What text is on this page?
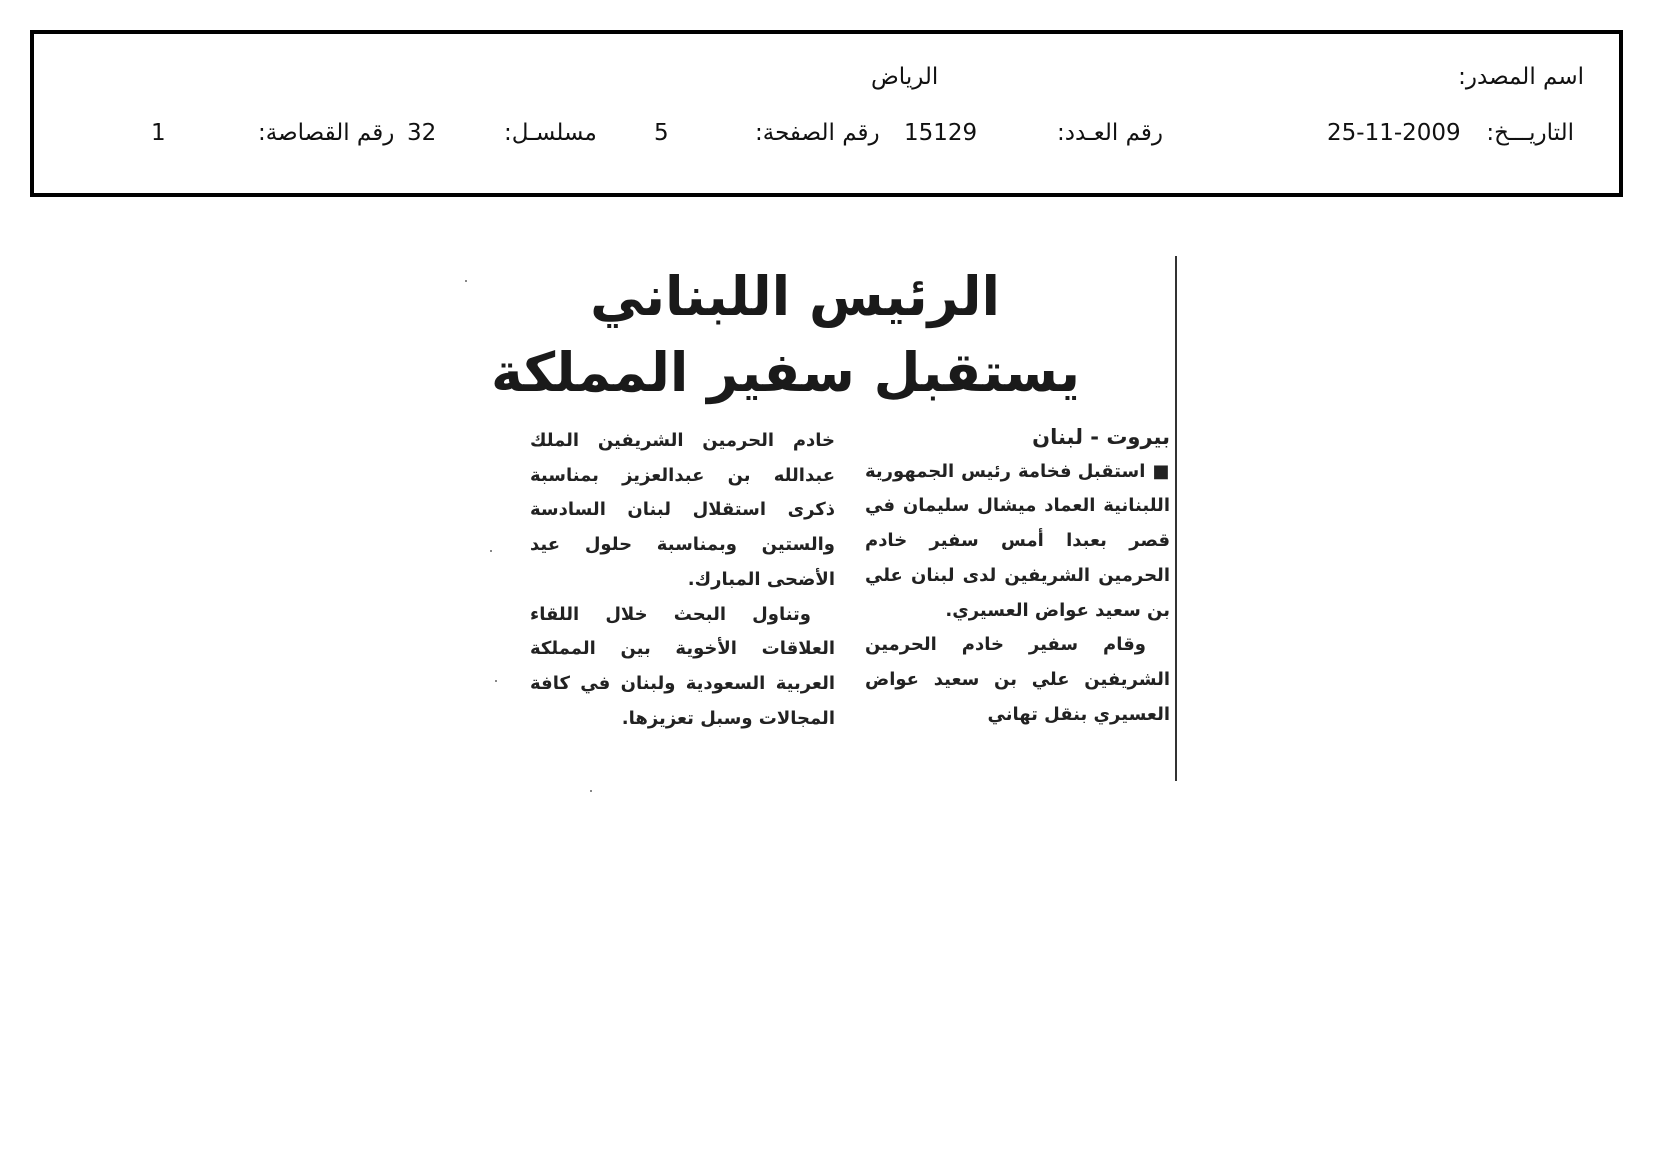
اسم المصدر:
الرياض
التاريـــخ:
25-11-2009
رقم العـدد:
15129
رقم الصفحة:
5
مسلسـل:
32
رقم القصاصة:
1
الرئيس اللبناني
يستقبل سفير المملكة
بيروت - لبنان

■ استقبل فخامة رئيس الجمهورية اللبنانية العماد ميشال سليمان في قصر بعبدا أمس سفير خادم الحرمين الشريفين لدى لبنان علي بن سعيد عواض العسيري.

وقام سفير خادم الحرمين الشريفين علي بن سعيد عواض العسيري بنقل تهاني

خادم الحرمين الشريفين الملك عبدالله بن عبدالعزيز بمناسبة ذكرى استقلال لبنان السادسة والستين وبمناسبة حلول عيد الأضحى المبارك.

وتناول البحث خلال اللقاء العلاقات الأخوية بين المملكة العربية السعودية ولبنان في كافة المجالات وسبل تعزيزها.
